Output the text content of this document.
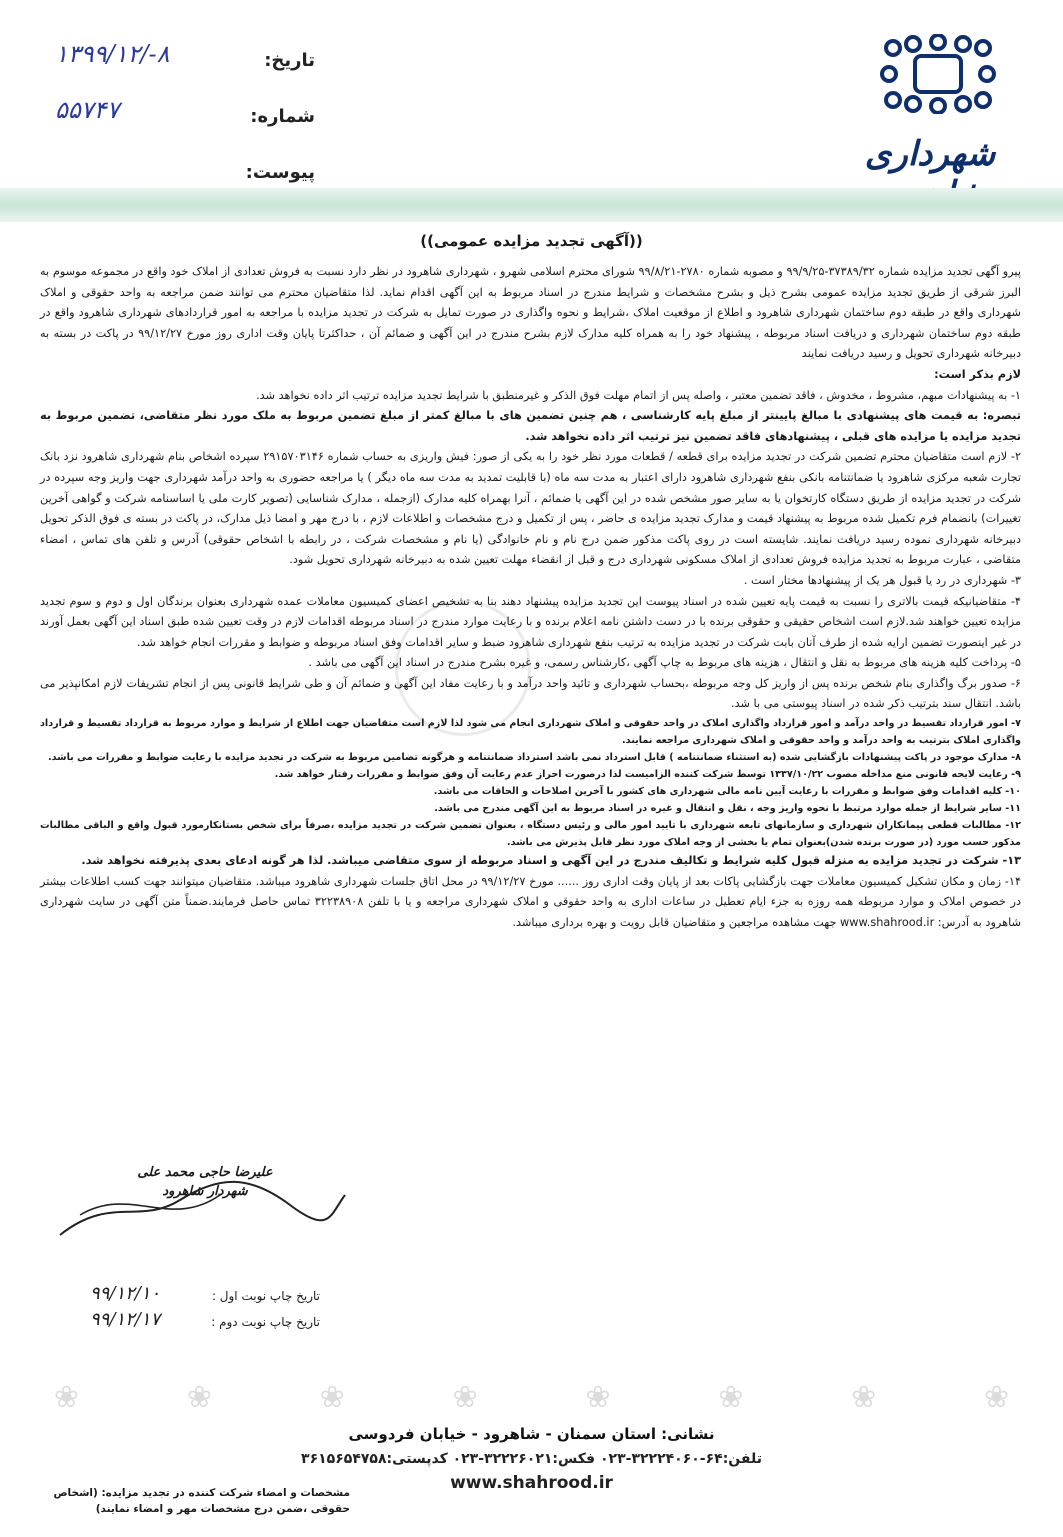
شهرداری
تاریخ:
۱۳۹۹/۱۲/-۸
شماره:
۵۵۷۴۷
پیوست:
((آگهی تجدید مزایده عمومی))

پیرو آگهی تجدید مزایده شماره ۳۷۳۸۹/۳۲-۹۹/۹/۲۵ و مصوبه شماره ۲۷۸۰-۹۹/۸/۲۱ شورای محترم اسلامی شهرو ، شهرداری شاهرود در نظر دارد نسبت به فروش تعدادی از املاک خود واقع در مجموعه موسوم به البرز شرقی از طریق تجدید مزایده عمومی بشرح ذیل و بشرح مشخصات و شرایط مندرج در اسناد مربوط به این آگهی اقدام نماید. لذا متقاضیان محترم می توانند ضمن مراجعه به واحد حقوقی و املاک شهرداری واقع در طبقه دوم ساختمان شهرداری شاهرود و اطلاع از موقعیت املاک ،شرایط و نحوه واگذاری در صورت تمایل به شرکت در تجدید مزایده با مراجعه به امور قراردادهای شهرداری شاهرود واقع در طبقه دوم ساختمان شهرداری و دریافت اسناد مربوطه ، پیشنهاد خود را به همراه کلیه مدارک لازم بشرح مندرج در این آگهی و ضمائم آن ، حداکثرتا پایان وقت اداری روز مورخ ۹۹/۱۲/۲۷ در پاکت در بسته به دبیرخانه شهرداری تحویل و رسید دریافت نمایند

لازم بذکر است:

۱- به پیشنهادات مبهم، مشروط ، مخدوش ، فاقد تضمین معتبر ، واصله پس از اتمام مهلت فوق الذکر و غیرمنطبق با شرایط تجدید مزایده ترتیب اثر داده نخواهد شد.

تبصره: به قیمت های پیشنهادی با مبالغ پایینتر از مبلغ پایه کارشناسی ، هم چنین تضمین های با مبالغ کمتر از مبلغ تضمین مربوط به ملک مورد نظر متقاضی، تضمین مربوط به تجدید مزایده یا مزایده های قبلی ، پیشنهادهای فاقد تضمین نیز ترتیب اثر داده نخواهد شد.

۲- لازم است متقاضیان محترم تضمین شرکت در تجدید مزایده برای قطعه / قطعات مورد نظر خود را به یکی از صور: فیش واریزی به حساب شماره ۲۹۱۵۷۰۳۱۴۶ سپرده اشخاص بنام شهرداری شاهرود نزد بانک تجارت شعبه مرکزی شاهرود یا ضمانتنامه بانکی بنفع شهرداری شاهرود دارای اعتبار به مدت سه ماه (با قابلیت تمدید به مدت سه ماه دیگر ) یا مراجعه حضوری به واحد درآمد شهرداری جهت واریز وجه سپرده در شرکت در تجدید مزایده از طریق دستگاه کارتخوان یا به سایر صور مشخص شده در این آگهی یا ضمائم ، آنرا بهمراه کلیه مدارک (ازجمله ، مدارک شناسایی (تصویر کارت ملی یا اساسنامه شرکت و گواهی آخرین تغییرات) بانضمام فرم تکمیل شده مربوط به پیشنهاد قیمت و مدارک تجدید مزایده ی حاضر ، پس از تکمیل و درج مشخصات و اطلاعات لازم ، با درج مهر و امضا ذیل مدارک، در پاکت در بسته ی فوق الذکر تحویل دبیرخانه شهرداری نموده رسید دریافت نمایند. شایسته است در روی پاکت مذکور ضمن درج نام و نام خانوادگی (یا نام و مشخصات شرکت ، در رابطه با اشخاص حقوقی) آدرس و تلفن های تماس ، امضاء متقاضی ، عبارت مربوط به تجدید مزایده فروش تعدادی از املاک مسکونی شهرداری درج و قبل از انقضاء مهلت تعیین شده به دبیرخانه شهرداری تحویل شود.

۳- شهرداری در رد یا قبول هر یک از پیشنهادها مختار است .

۴- متقاضیانیکه قیمت بالاتری را نسبت به قیمت پایه تعیین شده در اسناد پیوست این تجدید مزایده پیشنهاد دهند بنا به تشخیص اعضای کمیسیون معاملات عمده شهرداری بعنوان برندگان اول و دوم و سوم تجدید مزایده تعیین خواهند شد.لازم است اشخاص حقیقی و حقوقی برنده با در دست داشتن نامه اعلام برنده و با رعایت موارد مندرج در اسناد مربوطه اقدامات لازم در وقت تعیین شده طبق اسناد این آگهی بعمل آورند در غیر اینصورت تضمین ارایه شده از طرف آنان بابت شرکت در تجدید مزایده به ترتیب بنفع شهرداری شاهرود ضبط و سایر اقدامات وفق اسناد مربوطه و ضوابط و مقررات انجام خواهد شد.

۵- پرداخت کلیه هزینه های مربوط به نقل و انتقال ، هزینه های مربوط به چاپ آگهی ،کارشناس رسمی، و غیره بشرح مندرج در اسناد این آگهی می باشد .

۶- صدور برگ واگذاری بنام شخص برنده پس از واریز کل وجه مربوطه ،بحساب شهرداری و تائید واحد درآمد و با رعایت مفاد این آگهی و ضمائم آن و طی شرایط قانونی پس از انجام تشریفات لازم امکانپذیر می باشد. انتقال سند بترتیب ذکر شده در اسناد پیوستی می با شد.

۷- امور قرارداد تقسیط در واحد درآمد و امور قرارداد واگذاری املاک در واحد حقوقی و املاک شهرداری انجام می شود لذا لازم است متقاضیان جهت اطلاع از شرایط و موارد مربوط به قرارداد تقسیط و قرارداد واگذاری املاک بترتیب به واحد درآمد و واحد حقوقی و املاک شهرداری مراجعه نمایند.

۸- مدارک موجود در پاکت پیشنهادات بازگشایی شده (به استثناء ضمانتنامه ) قابل استرداد نمی باشد استرداد ضمانتنامه و هرگونه تضامین مربوط به شرکت در تجدید مزایده با رعایت ضوابط و مقررات می باشد.

۹- رعایت لایحه قانونی منع مداخله مصوب ۱۳۳۷/۱۰/۲۲ توسط شرکت کننده الزامیست لذا درصورت احراز عدم رعایت آن وفق ضوابط و مقررات رفتار خواهد شد.

۱۰- کلیه اقدامات وفق ضوابط و مقررات با رعایت آیین نامه مالی شهرداری های کشور با آخرین اصلاحات و الحاقات می باشد.

۱۱- سایر شرایط از جمله موارد مرتبط با نحوه واریز وجه ، نقل و انتقال و غیره در اسناد مربوط به این آگهی مندرج می باشد.

۱۲- مطالبات قطعی پیمانکاران شهرداری و سازمانهای تابعه شهرداری با تایید امور مالی و رئیس دستگاه ، بعنوان تضمین شرکت در تجدید مزایده ،صرفاً برای شخص بستانکارمورد قبول واقع و الباقی مطالبات مذکور حسب مورد (در صورت برنده شدن)بعنوان تمام یا بخشی از وجه املاک مورد نظر قابل پذیرش می باشد.

۱۳- شرکت در تجدید مزایده به منزله قبول کلیه شرایط و تکالیف مندرج در این آگهی و اسناد مربوطه از سوی متقاضی میباشد. لذا هر گونه ادعای بعدی پذیرفته نخواهد شد.

۱۴- زمان و مکان تشکیل کمیسیون معاملات جهت بازگشایی پاکات بعد از پایان وقت اداری روز ...... مورخ ۹۹/۱۲/۲۷ در محل اتاق جلسات شهرداری شاهرود میباشد. متقاضیان میتوانند جهت کسب اطلاعات بیشتر در خصوص املاک و موارد مربوطه همه روزه به جزء ایام تعطیل در ساعات اداری به واحد حقوقی و املاک شهرداری مراجعه و یا با تلفن ۳۲۲۳۸۹۰۸ تماس حاصل فرمایند.ضمناً متن آگهی در سایت شهرداری شاهرود به آدرس: www.shahrood.ir جهت مشاهده مراجعین و متقاضیان قابل رویت و بهره برداری میباشد.

علیرضا حاجی محمد علی
شهردار شاهرود
تاریخ چاپ نوبت اول :
۹۹/۱۲/۱۰
تاریخ چاپ نوبت دوم :
۹۹/۱۲/۱۷
❀
❀
❀
❀
❀
❀
❀
❀
نشانی: استان سمنان - شاهرود - خیابان فردوسی
تلفن:۶۴-۳۲۲۲۴۰۶۰-۰۲۳ فکس:۳۲۲۲۶۰۲۱-۰۲۳ کدپستی:۳۶۱۵۶۵۴۷۵۸
www.shahrood.ir
مشخصات و امضاء شرکت کننده در تجدید مزایده: (اشخاص حقوقی ،ضمن درج مشخصات مهر و امضاء نمایند)
